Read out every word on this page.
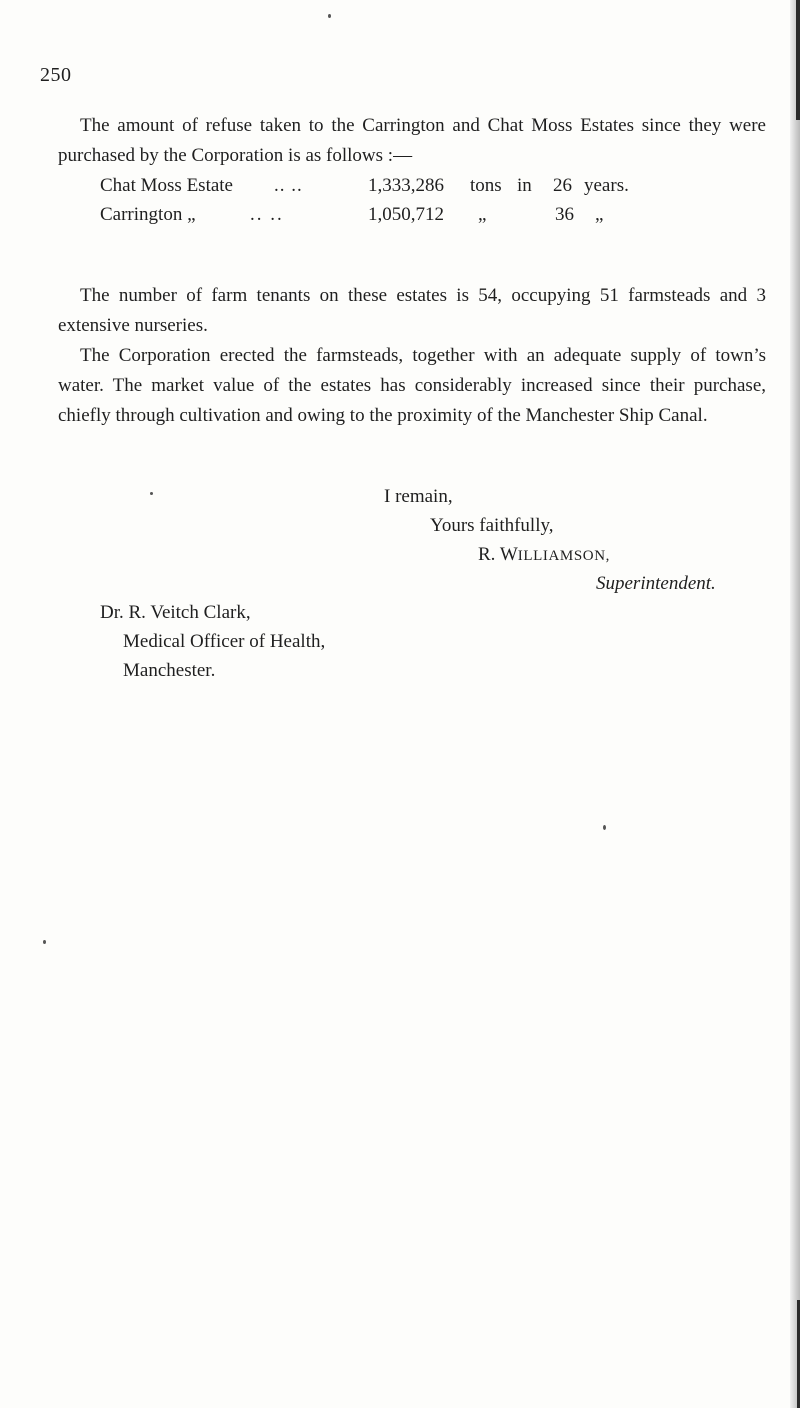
250

The amount of refuse taken to the Carrington and Chat Moss Estates since they were purchased by the Corporation is as follows :—

Chat Moss Estate .. ..	1,333,286 tons in 26 years.
Carrington „	.. ..	1,050,712 „	36 „

The number of farm tenants on these estates is 54, occupying 51 farmsteads and 3 extensive nurseries.

The Corporation erected the farmsteads, together with an adequate supply of town’s water. The market value of the estates has considerably increased since their purchase, chiefly through cultivation and owing to the proximity of the Manchester Ship Canal.

I remain,
Yours faithfully,
R. WILLIAMSON,
Superintendent.
Dr. R. Veitch Clark,
Medical Officer of Health,
Manchester.
